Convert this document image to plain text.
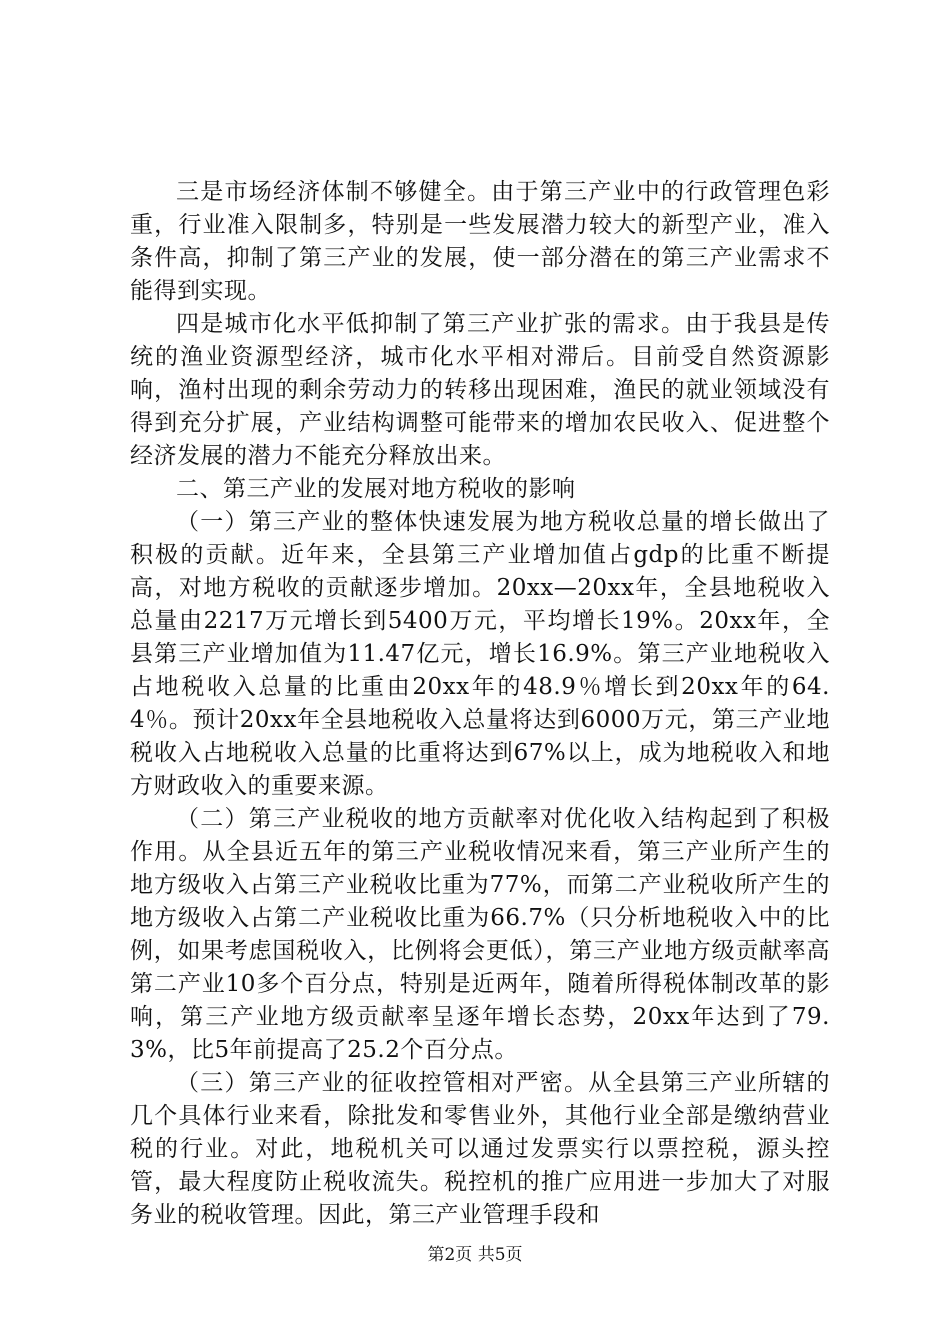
三是市场经济体制不够健全。由于第三产业中的行政管理色彩重，行业准入限制多，特别是一些发展潜力较大的新型产业，准入条件高，抑制了第三产业的发展，使一部分潜在的第三产业需求不能得到实现。

四是城市化水平低抑制了第三产业扩张的需求。由于我县是传统的渔业资源型经济，城市化水平相对滞后。目前受自然资源影响，渔村出现的剩余劳动力的转移出现困难，渔民的就业领域没有得到充分扩展，产业结构调整可能带来的增加农民收入、促进整个经济发展的潜力不能充分释放出来。

二、第三产业的发展对地方税收的影响

（一）第三产业的整体快速发展为地方税收总量的增长做出了积极的贡献。近年来，全县第三产业增加值占gdp的比重不断提高，对地方税收的贡献逐步增加。20xx—20xx年，全县地税收入总量由2217万元增长到5400万元，平均增长19%。20xx年，全县第三产业增加值为11.47亿元，增长16.9%。第三产业地税收入占地税收入总量的比重由20xx年的48.9％增长到20xx年的64.4％。预计20xx年全县地税收入总量将达到6000万元，第三产业地税收入占地税收入总量的比重将达到67%以上，成为地税收入和地方财政收入的重要来源。

（二）第三产业税收的地方贡献率对优化收入结构起到了积极作用。从全县近五年的第三产业税收情况来看，第三产业所产生的地方级收入占第三产业税收比重为77%，而第二产业税收所产生的地方级收入占第二产业税收比重为66.7%（只分析地税收入中的比例，如果考虑国税收入，比例将会更低），第三产业地方级贡献率高第二产业10多个百分点，特别是近两年，随着所得税体制改革的影响，第三产业地方级贡献率呈逐年增长态势，20xx年达到了79.3%，比5年前提高了25.2个百分点。

（三）第三产业的征收控管相对严密。从全县第三产业所辖的几个具体行业来看，除批发和零售业外，其他行业全部是缴纳营业税的行业。对此，地税机关可以通过发票实行以票控税，源头控管，最大程度防止税收流失。税控机的推广应用进一步加大了对服务业的税收管理。因此，第三产业管理手段和

第2页 共5页
